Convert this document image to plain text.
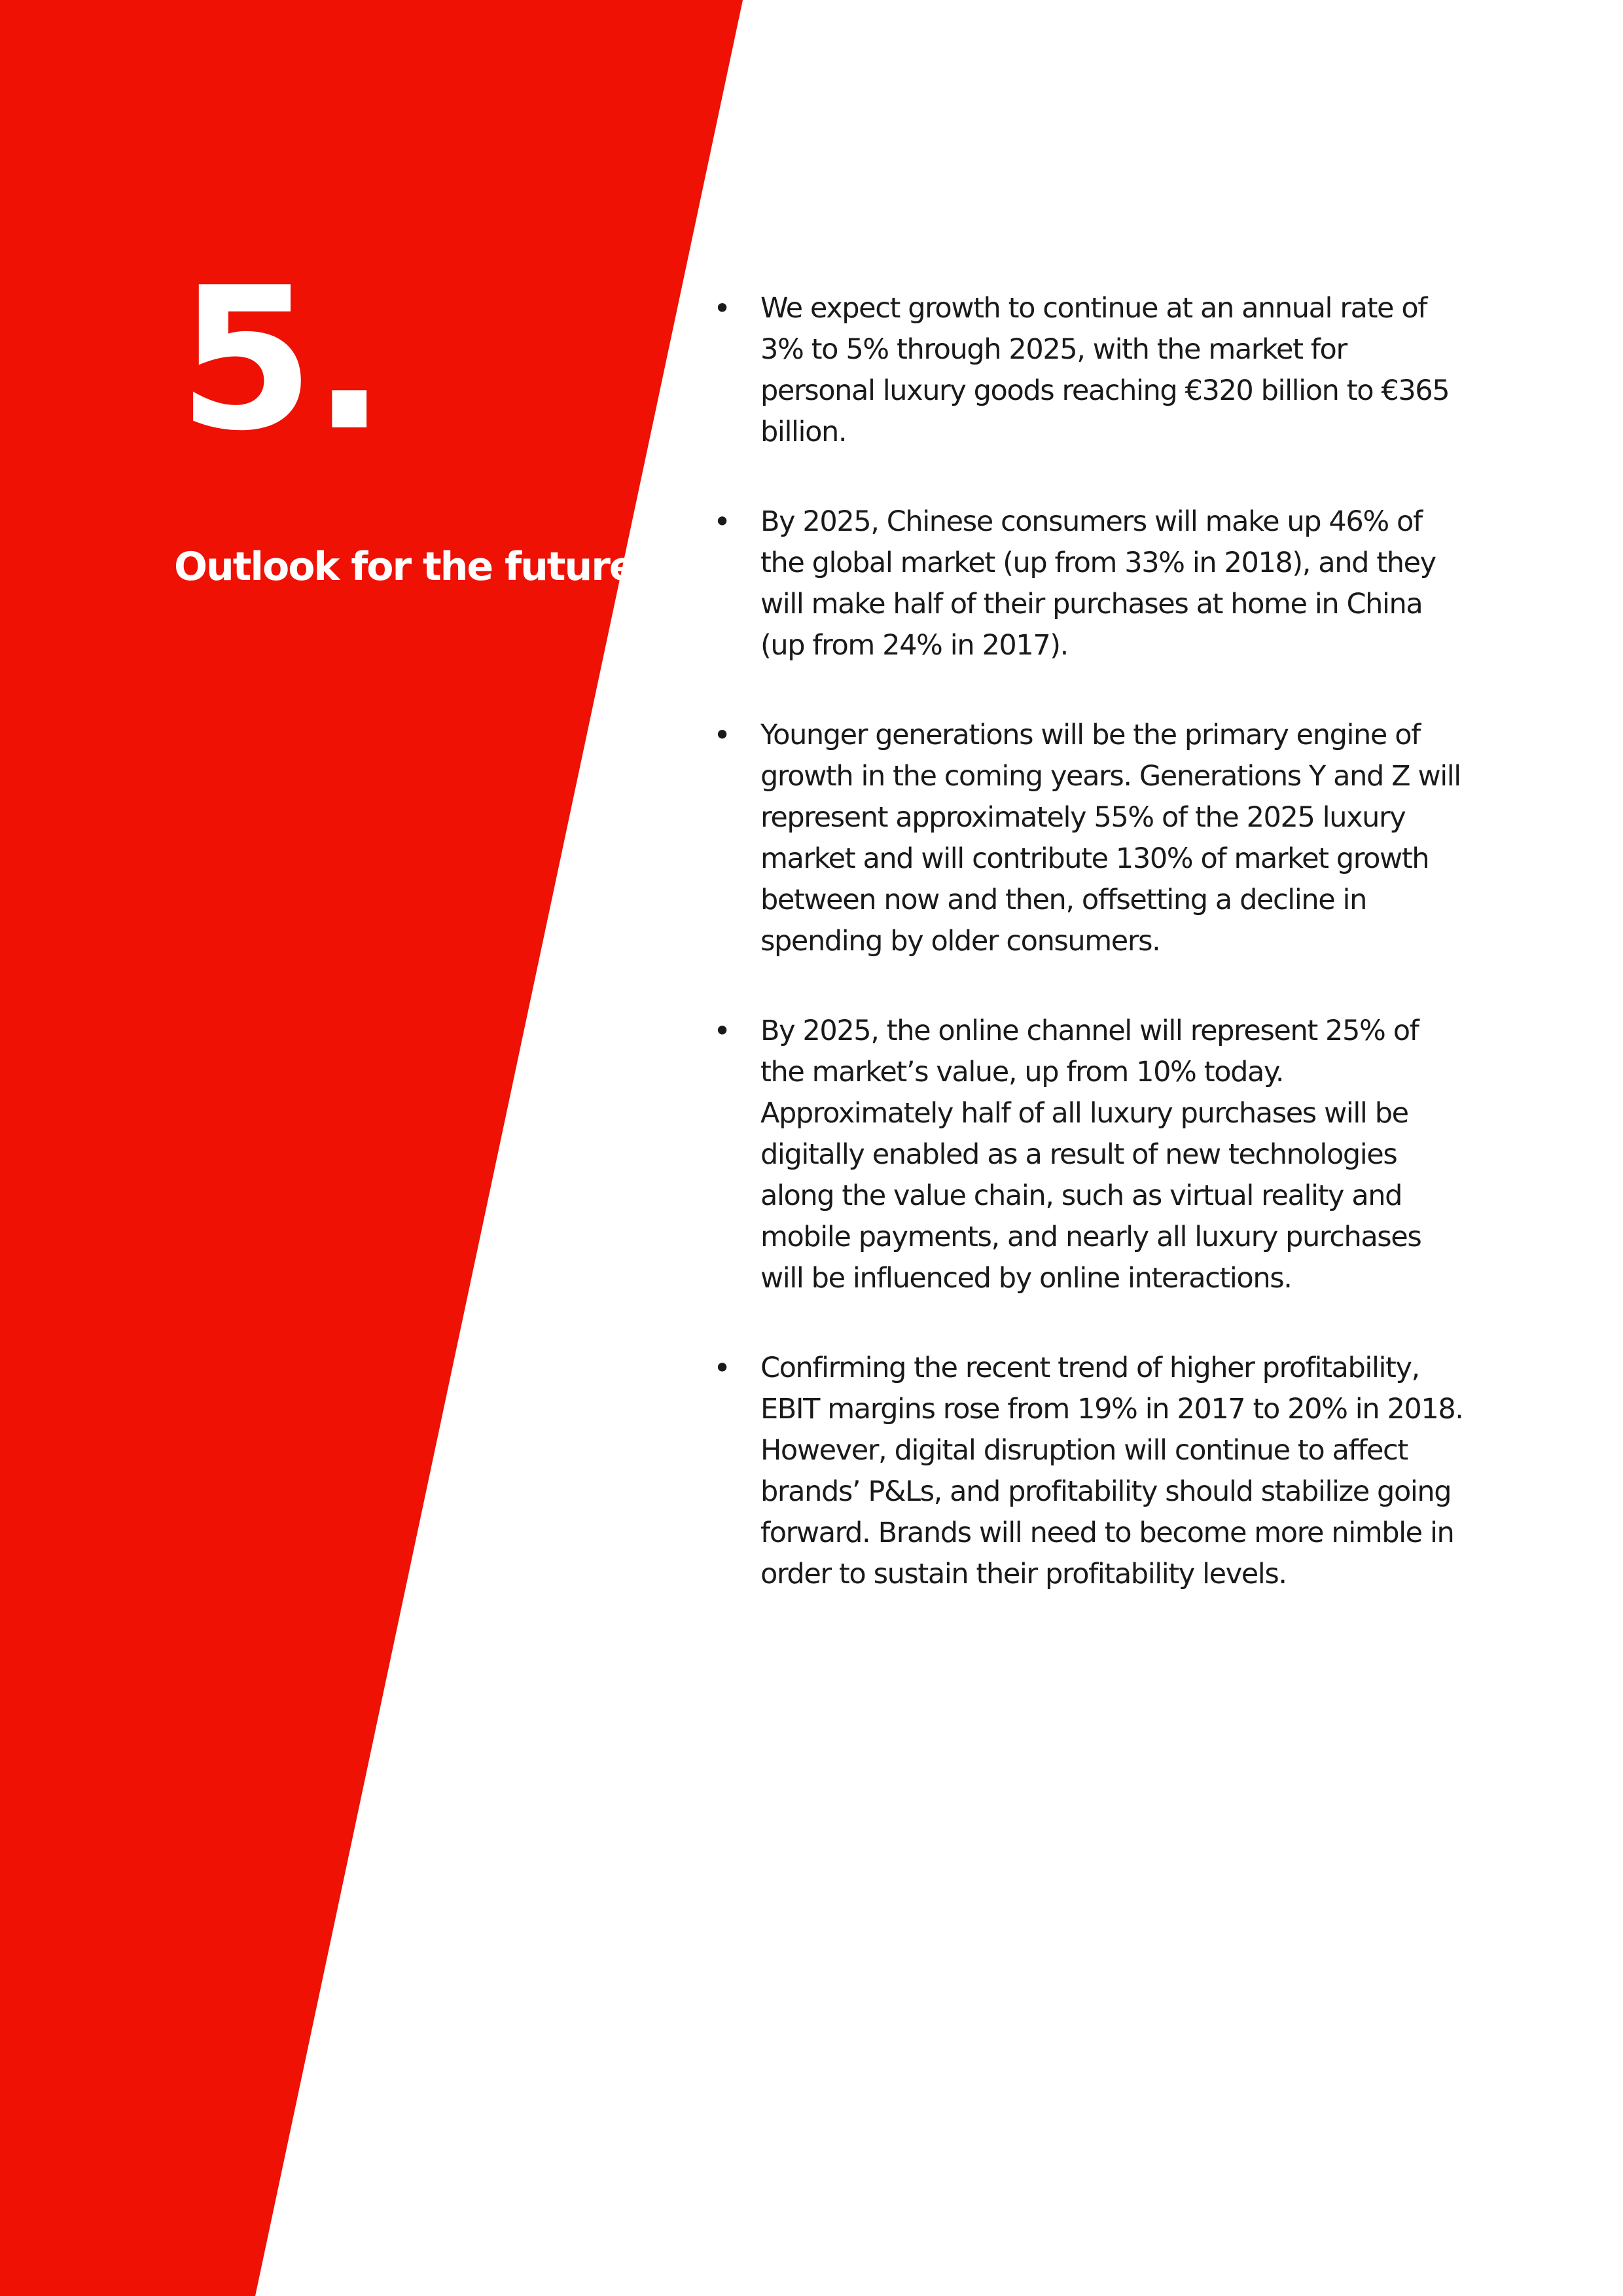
5.
Outlook for the future
•	We expect growth to continue at an annual rate of 3% to 5% through 2025, with the market for personal luxury goods reaching €320 billion to €365 billion.
•	By 2025, Chinese consumers will make up 46% of the global market (up from 33% in 2018), and they will make half of their purchases at home in China (up from 24% in 2017).
•	Younger generations will be the primary engine of growth in the coming years. Generations Y and Z will represent approximately 55% of the 2025 luxury market and will contribute 130% of market growth between now and then, offsetting a decline in spending by older consumers.
•	By 2025, the online channel will represent 25% of the market’s value, up from 10% today. Approximately half of all luxury purchases will be digitally enabled as a result of new technologies along the value chain, such as virtual reality and mobile payments, and nearly all luxury purchases will be influenced by online interactions.
•	Confirming the recent trend of higher profitability, EBIT margins rose from 19% in 2017 to 20% in 2018. However, digital disruption will continue to affect brands’ P&Ls, and profitability should stabilize going forward. Brands will need to become more nimble in order to sustain their profitability levels.
